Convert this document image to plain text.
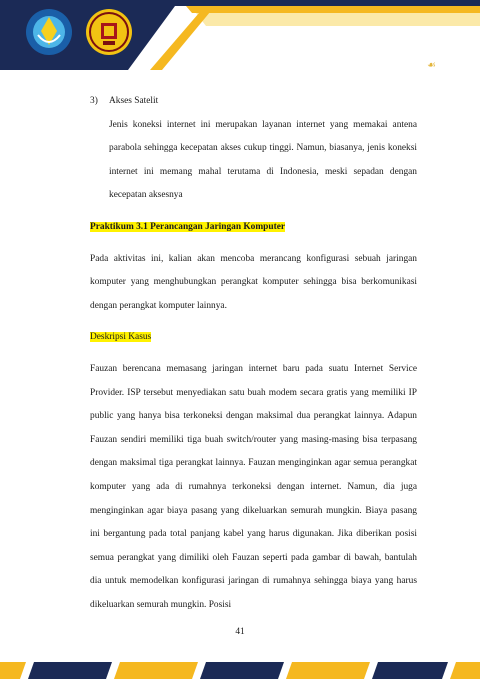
☙
3) Akses Satelit

Jenis koneksi internet ini merupakan layanan internet yang memakai antena parabola sehingga kecepatan akses cukup tinggi. Namun, biasanya, jenis koneksi internet ini memang mahal terutama di Indonesia, meski sepadan dengan kecepatan aksesnya

Praktikum 3.1 Perancangan Jaringan Komputer

Pada aktivitas ini, kalian akan mencoba merancang konfigurasi sebuah jaringan komputer yang menghubungkan perangkat komputer sehingga bisa berkomunikasi dengan perangkat komputer lainnya.

Deskripsi Kasus

Fauzan berencana memasang jaringan internet baru pada suatu Internet Service Provider. ISP tersebut menyediakan satu buah modem secara gratis yang memiliki IP public yang hanya bisa terkoneksi dengan maksimal dua perangkat lainnya. Adapun Fauzan sendiri memiliki tiga buah switch/router yang masing-masing bisa terpasang dengan maksimal tiga perangkat lainnya. Fauzan menginginkan agar semua perangkat komputer yang ada di rumahnya terkoneksi dengan internet. Namun, dia juga menginginkan agar biaya pasang yang dikeluarkan semurah mungkin. Biaya pasang ini bergantung pada total panjang kabel yang harus digunakan. Jika diberikan posisi semua perangkat yang dimiliki oleh Fauzan seperti pada gambar di bawah, bantulah dia untuk memodelkan konfigurasi jaringan di rumahnya sehingga biaya yang harus dikeluarkan semurah mungkin. Posisi

41
